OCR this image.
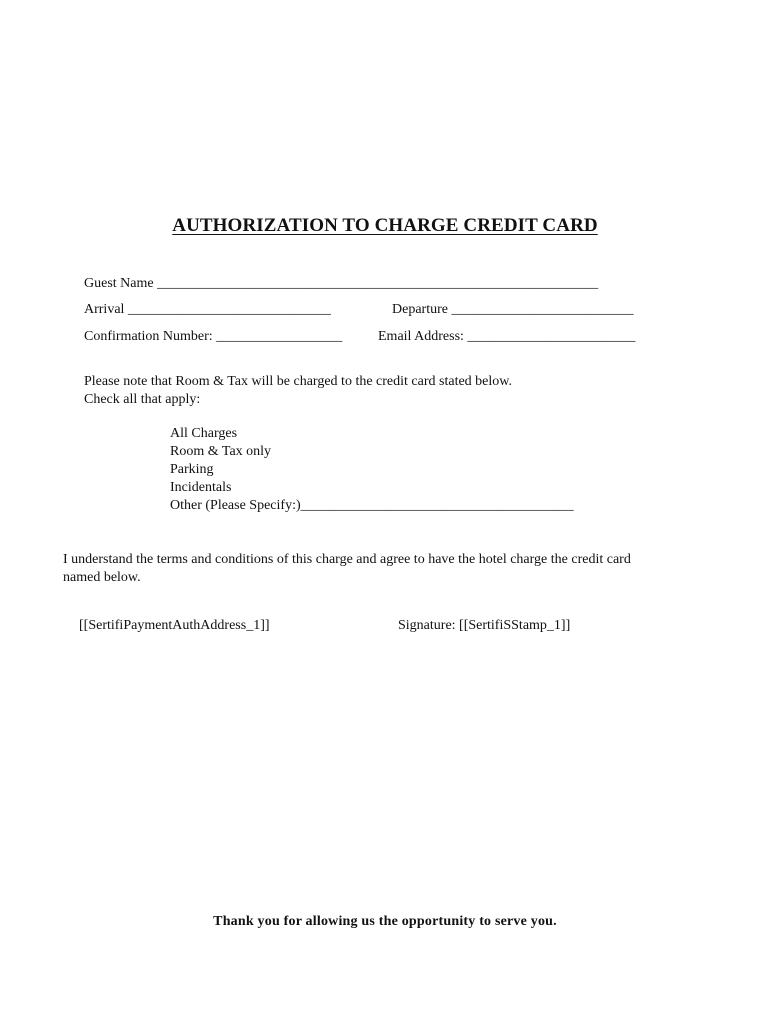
AUTHORIZATION TO CHARGE CREDIT CARD
Guest Name _______________________________________________________________
Arrival _____________________________	Departure __________________________
Confirmation Number: __________________	Email Address: ________________________
Please note that Room & Tax will be charged to the credit card stated below.
Check all that apply:
All Charges
Room & Tax only
Parking
Incidentals
Other (Please Specify:)_______________________________________
I understand the terms and conditions of this charge and agree to have the hotel charge the credit card
named below.
[[SertifiPaymentAuthAddress_1]]	Signature: [[SertifiSStamp_1]]
Thank you for allowing us the opportunity to serve you.
